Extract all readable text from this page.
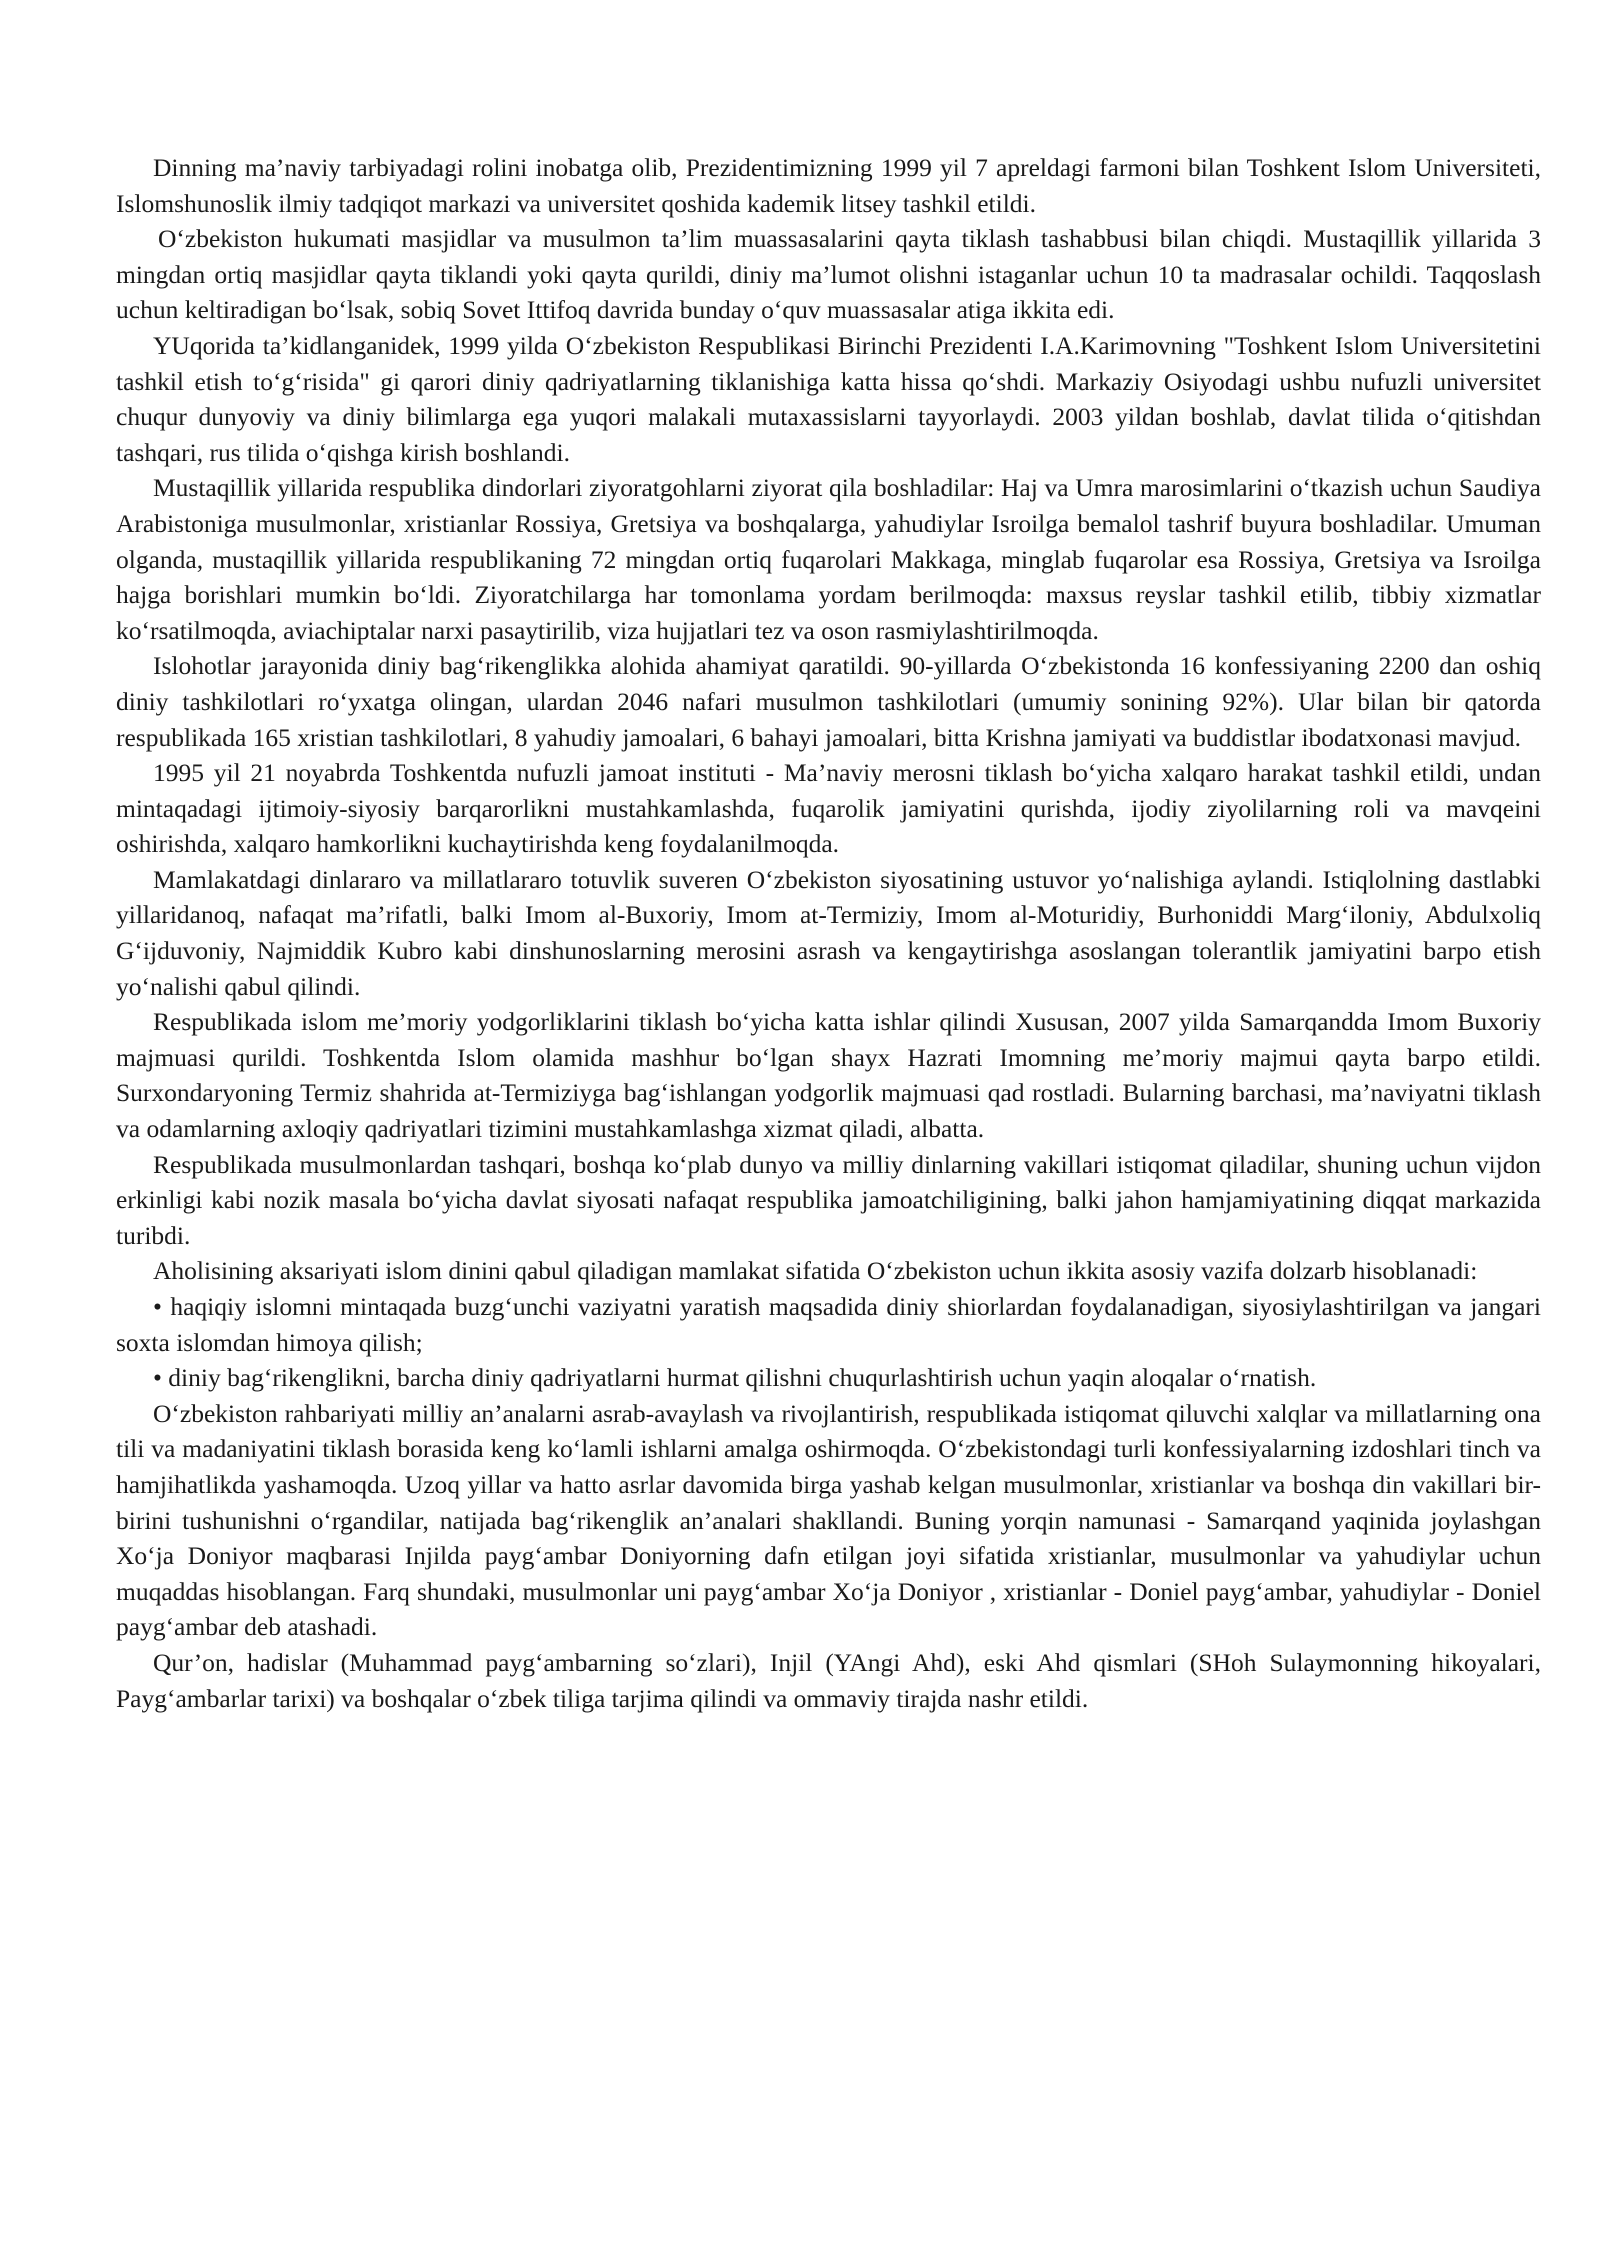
Dinning ma’naviy tarbiyadagi rolini inobatga olib, Prezidentimizning 1999 yil 7 apreldagi farmoni bilan Toshkent Islom Universiteti, Islomshunoslik ilmiy tadqiqot markazi va universitet qoshida kademik litsey tashkil etildi.

O‘zbekiston hukumati masjidlar va musulmon ta’lim muassasalarini qayta tiklash tashabbusi bilan chiqdi. Mustaqillik yillarida 3 mingdan ortiq masjidlar qayta tiklandi yoki qayta qurildi, diniy ma’lumot olishni istaganlar uchun 10 ta madrasalar ochildi. Taqqoslash uchun keltiradigan bo‘lsak, sobiq Sovet Ittifoq davrida bunday o‘quv muassasalar atiga ikkita edi.

YUqorida ta’kidlanganidek, 1999 yilda O‘zbekiston Respublikasi Birinchi Prezidenti I.A.Karimovning "Toshkent Islom Universitetini tashkil etish to‘g‘risida" gi qarori diniy qadriyatlarning tiklanishiga katta hissa qo‘shdi. Markaziy Osiyodagi ushbu nufuzli universitet chuqur dunyoviy va diniy bilimlarga ega yuqori malakali mutaxassislarni tayyorlaydi. 2003 yildan boshlab, davlat tilida o‘qitishdan tashqari, rus tilida o‘qishga kirish boshlandi.

Mustaqillik yillarida respublika dindorlari ziyoratgohlarni ziyorat qila boshladilar: Haj va Umra marosimlarini o‘tkazish uchun Saudiya Arabistoniga musulmonlar, xristianlar Rossiya, Gretsiya va boshqalarga, yahudiylar Isroilga bemalol tashrif buyura boshladilar. Umuman olganda, mustaqillik yillarida respublikaning 72 mingdan ortiq fuqarolari Makkaga, minglab fuqarolar esa Rossiya, Gretsiya va Isroilga hajga borishlari mumkin bo‘ldi. Ziyoratchilarga har tomonlama yordam berilmoqda: maxsus reyslar tashkil etilib, tibbiy xizmatlar ko‘rsatilmoqda, aviachiptalar narxi pasaytirilib, viza hujjatlari tez va oson rasmiylashtirilmoqda.

Islohotlar jarayonida diniy bag‘rikenglikka alohida ahamiyat qaratildi. 90-yillarda O‘zbekistonda 16 konfessiyaning 2200 dan oshiq diniy tashkilotlari ro‘yxatga olingan, ulardan 2046 nafari musulmon tashkilotlari (umumiy sonining 92%). Ular bilan bir qatorda respublikada 165 xristian tashkilotlari, 8 yahudiy jamoalari, 6 bahayi jamoalari, bitta Krishna jamiyati va buddistlar ibodatxonasi mavjud.

1995 yil 21 noyabrda Toshkentda nufuzli jamoat instituti - Ma’naviy merosni tiklash bo‘yicha xalqaro harakat tashkil etildi, undan mintaqadagi ijtimoiy-siyosiy barqarorlikni mustahkamlashda, fuqarolik jamiyatini qurishda, ijodiy ziyolilarning roli va mavqeini oshirishda, xalqaro hamkorlikni kuchaytirishda keng foydalanilmoqda.

Mamlakatdagi dinlararo va millatlararo totuvlik suveren O‘zbekiston siyosatining ustuvor yo‘nalishiga aylandi. Istiqlolning dastlabki yillaridanoq, nafaqat ma’rifatli, balki Imom al-Buxoriy, Imom at-Termiziy, Imom al-Moturidiy, Burhoniddi Marg‘iloniy, Abdulxoliq G‘ijduvoniy, Najmiddik Kubro kabi dinshunoslarning merosini asrash va kengaytirishga asoslangan tolerantlik jamiyatini barpo etish yo‘nalishi qabul qilindi.

Respublikada islom me’moriy yodgorliklarini tiklash bo‘yicha katta ishlar qilindi Xususan, 2007 yilda Samarqandda Imom Buxoriy majmuasi qurildi. Toshkentda Islom olamida mashhur bo‘lgan shayx Hazrati Imomning me’moriy majmui qayta barpo etildi. Surxondaryoning Termiz shahrida at-Termiziyga bag‘ishlangan yodgorlik majmuasi qad rostladi. Bularning barchasi, ma’naviyatni tiklash va odamlarning axloqiy qadriyatlari tizimini mustahkamlashga xizmat qiladi, albatta.

Respublikada musulmonlardan tashqari, boshqa ko‘plab dunyo va milliy dinlarning vakillari istiqomat qiladilar, shuning uchun vijdon erkinligi kabi nozik masala bo‘yicha davlat siyosati nafaqat respublika jamoatchiligining, balki jahon hamjamiyatining diqqat markazida turibdi.

Aholisining aksariyati islom dinini qabul qiladigan mamlakat sifatida O‘zbekiston uchun ikkita asosiy vazifa dolzarb hisoblanadi:

• haqiqiy islomni mintaqada buzg‘unchi vaziyatni yaratish maqsadida diniy shiorlardan foydalanadigan, siyosiylashtirilgan va jangari soxta islomdan himoya qilish;

• diniy bag‘rikenglikni, barcha diniy qadriyatlarni hurmat qilishni chuqurlashtirish uchun yaqin aloqalar o‘rnatish.

O‘zbekiston rahbariyati milliy an’analarni asrab-avaylash va rivojlantirish, respublikada istiqomat qiluvchi xalqlar va millatlarning ona tili va madaniyatini tiklash borasida keng ko‘lamli ishlarni amalga oshirmoqda. O‘zbekistondagi turli konfessiyalarning izdoshlari tinch va hamjihatlikda yashamoqda. Uzoq yillar va hatto asrlar davomida birga yashab kelgan musulmonlar, xristianlar va boshqa din vakillari bir-birini tushunishni o‘rgandilar, natijada bag‘rikenglik an’analari shakllandi. Buning yorqin namunasi - Samarqand yaqinida joylashgan Xo‘ja Doniyor maqbarasi Injilda payg‘ambar Doniyorning dafn etilgan joyi sifatida xristianlar, musulmonlar va yahudiylar uchun muqaddas hisoblangan. Farq shundaki, musulmonlar uni payg‘ambar Xo‘ja Doniyor , xristianlar - Doniel payg‘ambar, yahudiylar - Doniel payg‘ambar deb atashadi.

Qur’on, hadislar (Muhammad payg‘ambarning so‘zlari), Injil (YAngi Ahd), eski Ahd qismlari (SHoh Sulaymonning hikoyalari, Payg‘ambarlar tarixi) va boshqalar o‘zbek tiliga tarjima qilindi va ommaviy tirajda nashr etildi.
